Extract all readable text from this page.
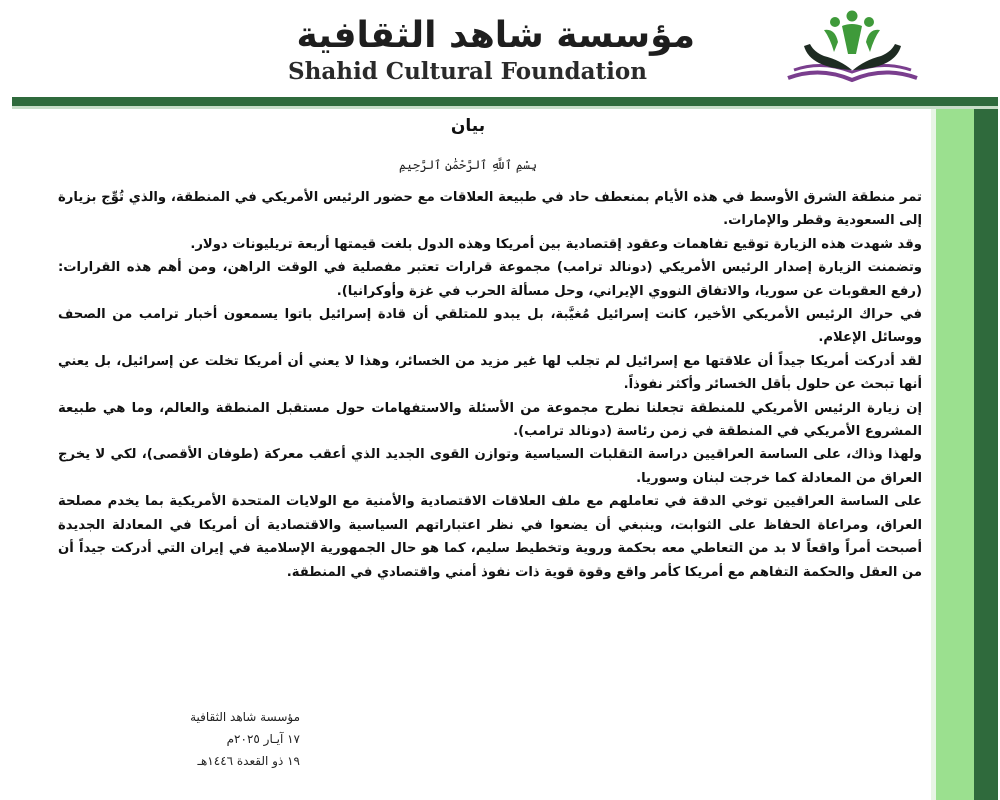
مؤسسة شاهد الثقافية
Shahid Cultural Foundation
بيان
بِسْمِ ٱللَّهِ ٱلرَّحْمَٰنِ ٱلرَّحِيمِ

تمر منطقة الشرق الأوسط في هذه الأيام بمنعطف حاد في طبيعة العلاقات مع حضور الرئيس الأمريكي في المنطقة، والذي تُوِّج بزيارة إلى السعودية وقطر والإمارات.

وقد شهدت هذه الزيارة توقيع تفاهمات وعقود إقتصادية بين أمريكا وهذه الدول بلغت قيمتها أربعة تريليونات دولار.

وتضمنت الزيارة إصدار الرئيس الأمريكي (دونالد ترامب) مجموعة قرارات تعتبر مفصلية في الوقت الراهن، ومن أهم هذه القرارات: (رفع العقوبات عن سوريا، والاتفاق النووي الإيراني، وحل مسألة الحرب في غزة وأوكرانيا).

في حراك الرئيس الأمريكي الأخير، كانت إسرائيل مُغيَّبة، بل يبدو للمتلقي أن قادة إسرائيل باتوا يسمعون أخبار ترامب من الصحف ووسائل الإعلام.

لقد أدركت أمريكا جيداً أن علاقتها مع إسرائيل لم تجلب لها غير مزيد من الخسائر، وهذا لا يعني أن أمريكا تخلت عن إسرائيل، بل يعني أنها تبحث عن حلول بأقل الخسائر وأكثر نفوذاً.

إن زيارة الرئيس الأمريكي للمنطقة تجعلنا نطرح مجموعة من الأسئلة والاستفهامات حول مستقبل المنطقة والعالم، وما هي طبيعة المشروع الأمريكي في المنطقة في زمن رئاسة (دونالد ترامب).

ولهذا وذاك، على الساسة العراقيين دراسة التقلبات السياسية وتوازن القوى الجديد الذي أعقب معركة (طوفان الأقصى)، لكي لا يخرج العراق من المعادلة كما خرجت لبنان وسوريا.

على الساسة العراقيين توخي الدقة في تعاملهم مع ملف العلاقات الاقتصادية والأمنية مع الولايات المتحدة الأمريكية بما يخدم مصلحة العراق، ومراعاة الحفاظ على الثوابت، وينبغي أن يضعوا في نظر اعتباراتهم السياسية والاقتصادية أن أمريكا في المعادلة الجديدة أصبحت أمراً واقعاً لا بد من التعاطي معه بحكمة وروية وتخطيط سليم، كما هو حال الجمهورية الإسلامية في إيران التي أدركت جيداً أن من العقل والحكمة التفاهم مع أمريكا كأمر واقع وقوة قوية ذات نفوذ أمني واقتصادي في المنطقة.

مؤسسة شاهد الثقافية
١٧ آيـار ٢٠٢٥م
١٩ ذو القعدة ١٤٤٦هـ
